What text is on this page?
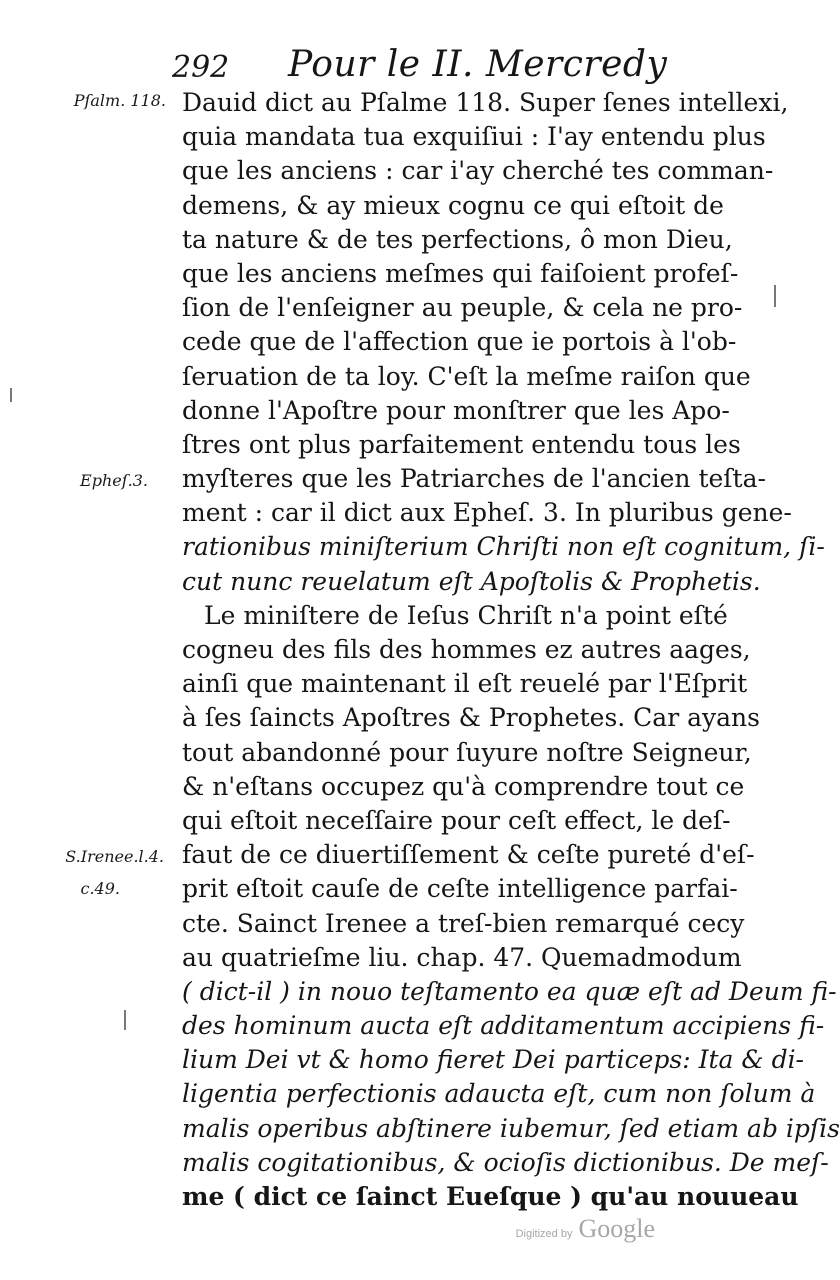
292 Pour le II. Mercredy
Pſalm. 118.
Epheſ.3.
S.Irenee.l.4.
c.49.
Dauid dict au Pſalme 118. Super ſenes intellexi,
quia mandata tua exquiſiui : I'ay entendu plus
que les anciens : car i'ay cherché tes comman-
demens, & ay mieux cognu ce qui eſtoit de
ta nature & de tes perfections, ô mon Dieu,
que les anciens meſmes qui faiſoient profeſ-
ſion de l'enſeigner au peuple, & cela ne pro-
cede que de l'affection que ie portois à l'ob-
ſeruation de ta loy. C'eſt la meſme raiſon que
donne l'Apoſtre pour monſtrer que les Apo-
ſtres ont plus parfaitement entendu tous les
myſteres que les Patriarches de l'ancien teſta-
ment : car il dict aux Epheſ. 3. In pluribus gene-
rationibus miniſterium Chriſti non eſt cognitum, ſi-
cut nunc reuelatum eſt Apoſtolis & Prophetis.
Le miniſtere de Ieſus Chriſt n'a point eſté
cogneu des fils des hommes ez autres aages,
ainſi que maintenant il eſt reuelé par l'Eſprit
à ſes ſaincts Apoſtres & Prophetes. Car ayans
tout abandonné pour ſuyure noſtre Seigneur,
& n'eſtans occupez qu'à comprendre tout ce
qui eſtoit neceſſaire pour ceſt effect, le deſ-
faut de ce diuertiſſement & ceſte pureté d'eſ-
prit eſtoit cauſe de ceſte intelligence parfai-
cte. Sainct Irenee a treſ-bien remarqué cecy
au quatrieſme liu. chap. 47. Quemadmodum
( dict-il ) in nouo teſtamento ea quæ eſt ad Deum fi-
des hominum aucta eſt additamentum accipiens fi-
lium Dei vt & homo fieret Dei particeps: Ita & di-
ligentia perfectionis adaucta eſt, cum non ſolum à
malis operibus abſtinere iubemur, ſed etiam ab ipſis
malis cogitationibus, & ocioſis dictionibus. De meſ-
me ( dict ce ſainct Eueſque ) qu'au nouueau
Digitized by Google
